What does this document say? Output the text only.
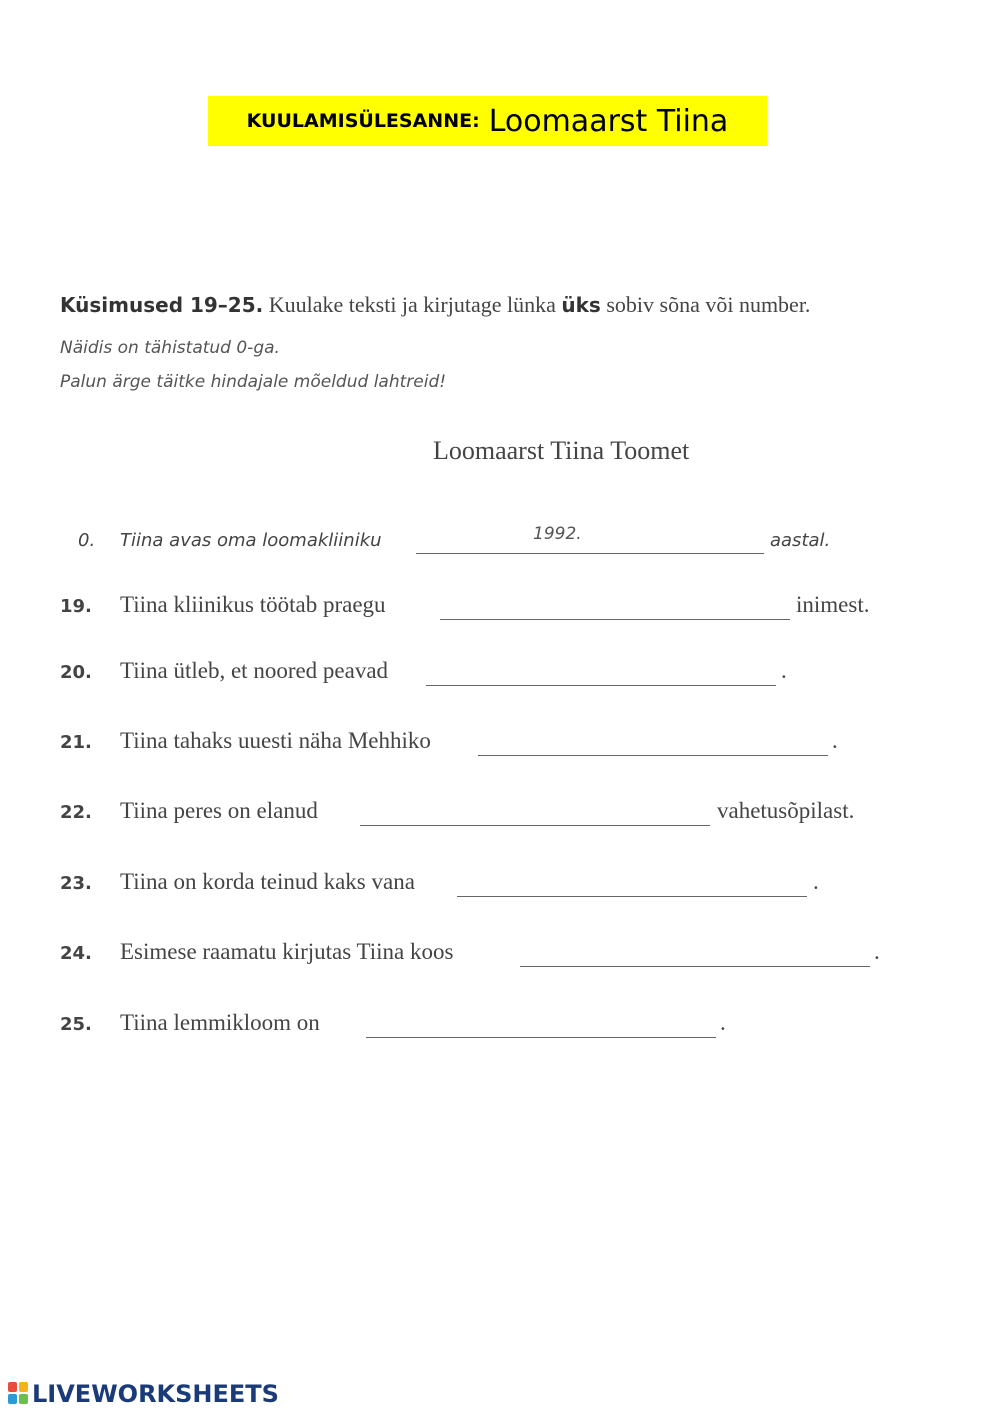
KUULAMISÜLESANNE: Loomaarst Tiina
Küsimused 19–25. Kuulake teksti ja kirjutage lünka üks sobiv sõna või number.
Näidis on tähistatud 0-ga.
Palun ärge täitke hindajale mõeldud lahtreid!
Loomaarst Tiina Toomet
0. Tiina avas oma loomakliiniku	1992.	aastal.
19. Tiina kliinikus töötab praegu	inimest.
20. Tiina ütleb, et noored peavad	.
21. Tiina tahaks uuesti näha Mehhiko	.
22. Tiina peres on elanud	vahetusõpilast.
23. Tiina on korda teinud kaks vana	.
24. Esimese raamatu kirjutas Tiina koos	.
25. Tiina lemmikloom on	.
LIVEWORKSHEETS
